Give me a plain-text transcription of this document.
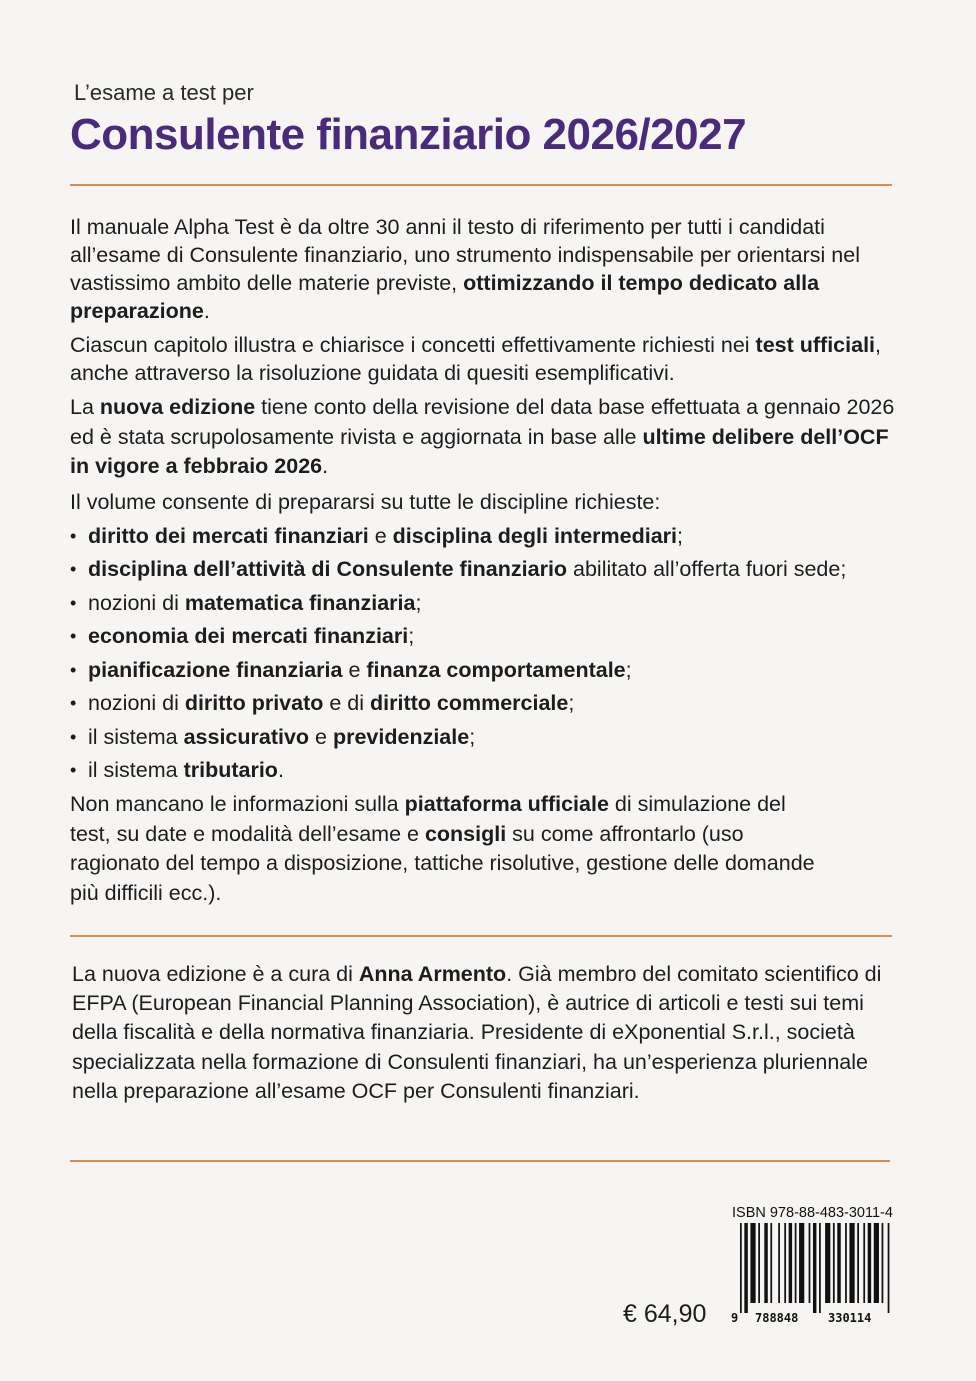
L’esame a test per
Consulente finanziario 2026/2027

Il manuale Alpha Test è da oltre 30 anni il testo di riferimento per tutti i candidati all’esame di Consulente finanziario, uno strumento indispensabile per orientarsi nel vastissimo ambito delle materie previste, ottimizzando il tempo dedicato alla preparazione.

Ciascun capitolo illustra e chiarisce i concetti effettivamente richiesti nei test ufficiali, anche attraverso la risoluzione guidata di quesiti esemplificativi.

La nuova edizione tiene conto della revisione del data base effettuata a gennaio 2026 ed è stata scrupolosamente rivista e aggiornata in base alle ultime delibere dell’OCF in vigore a febbraio 2026.

Il volume consente di prepararsi su tutte le discipline richieste:

• diritto dei mercati finanziari e disciplina degli intermediari;
• disciplina dell’attività di Consulente finanziario abilitato all’offerta fuori sede;
• nozioni di matematica finanziaria;
• economia dei mercati finanziari;
• pianificazione finanziaria e finanza comportamentale;
• nozioni di diritto privato e di diritto commerciale;
• il sistema assicurativo e previdenziale;
• il sistema tributario.

Non mancano le informazioni sulla piattaforma ufficiale di simulazione del test, su date e modalità dell’esame e consigli su come affrontarlo (uso ragionato del tempo a disposizione, tattiche risolutive, gestione delle domande più difficili ecc.).

La nuova edizione è a cura di Anna Armento. Già membro del comitato scientifico di EFPA (European Financial Planning Association), è autrice di articoli e testi sui temi della fiscalità e della normativa finanziaria. Presidente di eXponential S.r.l., società specializzata nella formazione di Consulenti finanziari, ha un’esperienza pluriennale nella preparazione all’esame OCF per Consulenti finanziari.

ISBN 978-88-483-3011-4
9 788848 330114
€ 64,90
